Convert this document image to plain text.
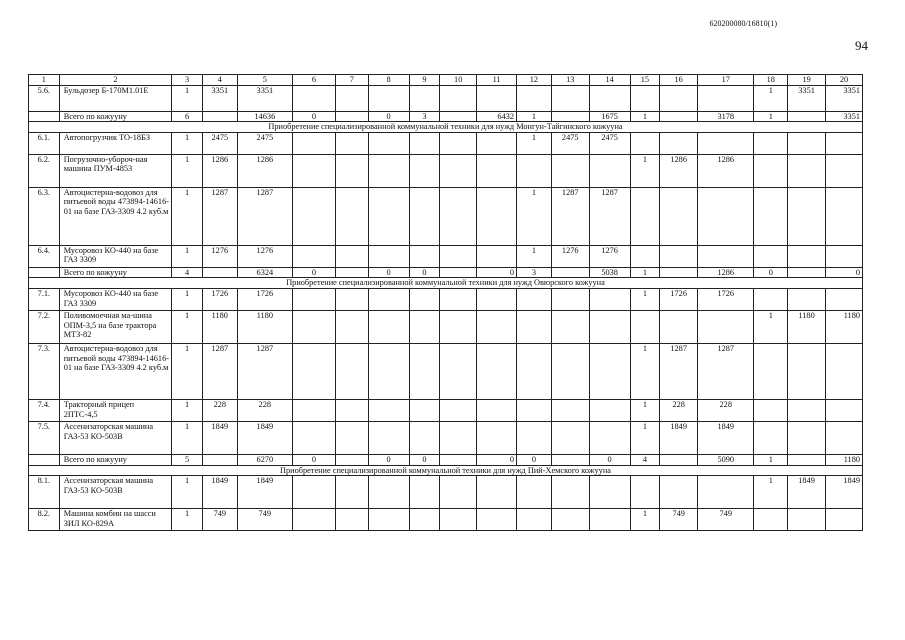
620200080/16810(1)
94
1	2	3	4	5	6	7	8	9	10	11	12	13	14	15	16	17	18	19	20
5.6.	Бульдозер Б-170М1.01Е	1	3351	3351													1	3351	3351
	Всего по кожууну	6		14636	0		0	3		6432	1		1675	1		3178	1		3351
Приобретение специализированной коммунальной техники для нужд Монгун-Тайгинского кожууна																			
6.1.	Автопогрузчик ТО-18БЗ	1	2475	2475							1	2475	2475						
6.2.	Погрузочно-убороч-ная машина ПУМ-4853	1	1286	1286										1	1286	1286			
6.3.	Автоцистерна-водовоз для питьевой воды 473894-14616-01 на базе ГАЗ-3309 4.2 куб.м	1	1287	1287							1	1287	1287						
6.4.	Мусоровоз КО-440 на базе ГАЗ 3309	1	1276	1276							1	1276	1276						
	Всего по кожууну	4		6324	0		0	0		0	3		5038	1		1286	0		0
Приобретение специализированной коммунальной техники для нужд Овюрского кожууна																			
7.1.	Мусоровоз КО-440 на базе ГАЗ 3309	1	1726	1726										1	1726	1726			
7.2.	Поливомоечная ма-шина ОПМ-3,5 на базе трактора МТЗ-82	1	1180	1180													1	1180	1180
7.3.	Автоцистерна-водовоз для питьевой воды 473894-14616-01 на базе ГАЗ-3309 4.2 куб.м	1	1287	1287										1	1287	1287			
7.4.	Тракторный прицеп 2ПТС-4,5	1	228	228										1	228	228			
7.5.	Ассенизаторская машина ГАЗ-53 КО-503В	1	1849	1849										1	1849	1849			
	Всего по кожууну	5		6270	0		0	0		0	0		0	4		5090	1		1180
Приобретение специализированной коммунальной техники для нужд Пий-Хемского кожууна																			
8.1.	Ассенизаторская машина ГАЗ-53 КО-503В	1	1849	1849													1	1849	1849
8.2.	Машина комбин на шасси ЗИЛ КО-829А	1	749	749										1	749	749			
